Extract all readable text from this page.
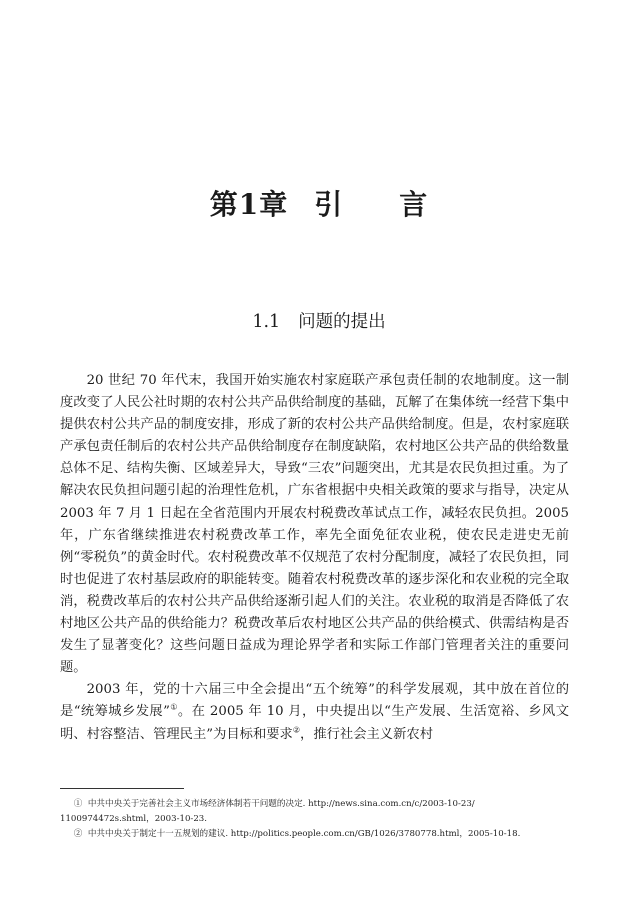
第1章 引 言
1.1 问题的提出

20 世纪 70 年代末，我国开始实施农村家庭联产承包责任制的农地制度。这一制度改变了人民公社时期的农村公共产品供给制度的基础，瓦解了在集体统一经营下集中提供农村公共产品的制度安排，形成了新的农村公共产品供给制度。但是，农村家庭联产承包责任制后的农村公共产品供给制度存在制度缺陷，农村地区公共产品的供给数量总体不足、结构失衡、区域差异大，导致“三农”问题突出，尤其是农民负担过重。为了解决农民负担问题引起的治理性危机，广东省根据中央相关政策的要求与指导，决定从 2003 年 7 月 1 日起在全省范围内开展农村税费改革试点工作，减轻农民负担。2005 年，广东省继续推进农村税费改革工作，率先全面免征农业税，使农民走进史无前例“零税负”的黄金时代。农村税费改革不仅规范了农村分配制度，减轻了农民负担，同时也促进了农村基层政府的职能转变。随着农村税费改革的逐步深化和农业税的完全取消，税费改革后的农村公共产品供给逐渐引起人们的关注。农业税的取消是否降低了农村地区公共产品的供给能力？税费改革后农村地区公共产品的供给模式、供需结构是否发生了显著变化？这些问题日益成为理论界学者和实际工作部门管理者关注的重要问题。

2003 年，党的十六届三中全会提出“五个统筹”的科学发展观，其中放在首位的是“统筹城乡发展”①。在 2005 年 10 月，中央提出以“生产发展、生活宽裕、乡风文明、村容整洁、管理民主”为目标和要求②，推行社会主义新农村

① 中共中央关于完善社会主义市场经济体制若干问题的决定. http://news.sina.com.cn/c/2003-10-23/

1100974472s.shtml，2003-10-23.

② 中共中央关于制定十一五规划的建议. http://politics.people.com.cn/GB/1026/3780778.html，2005-10-18.
